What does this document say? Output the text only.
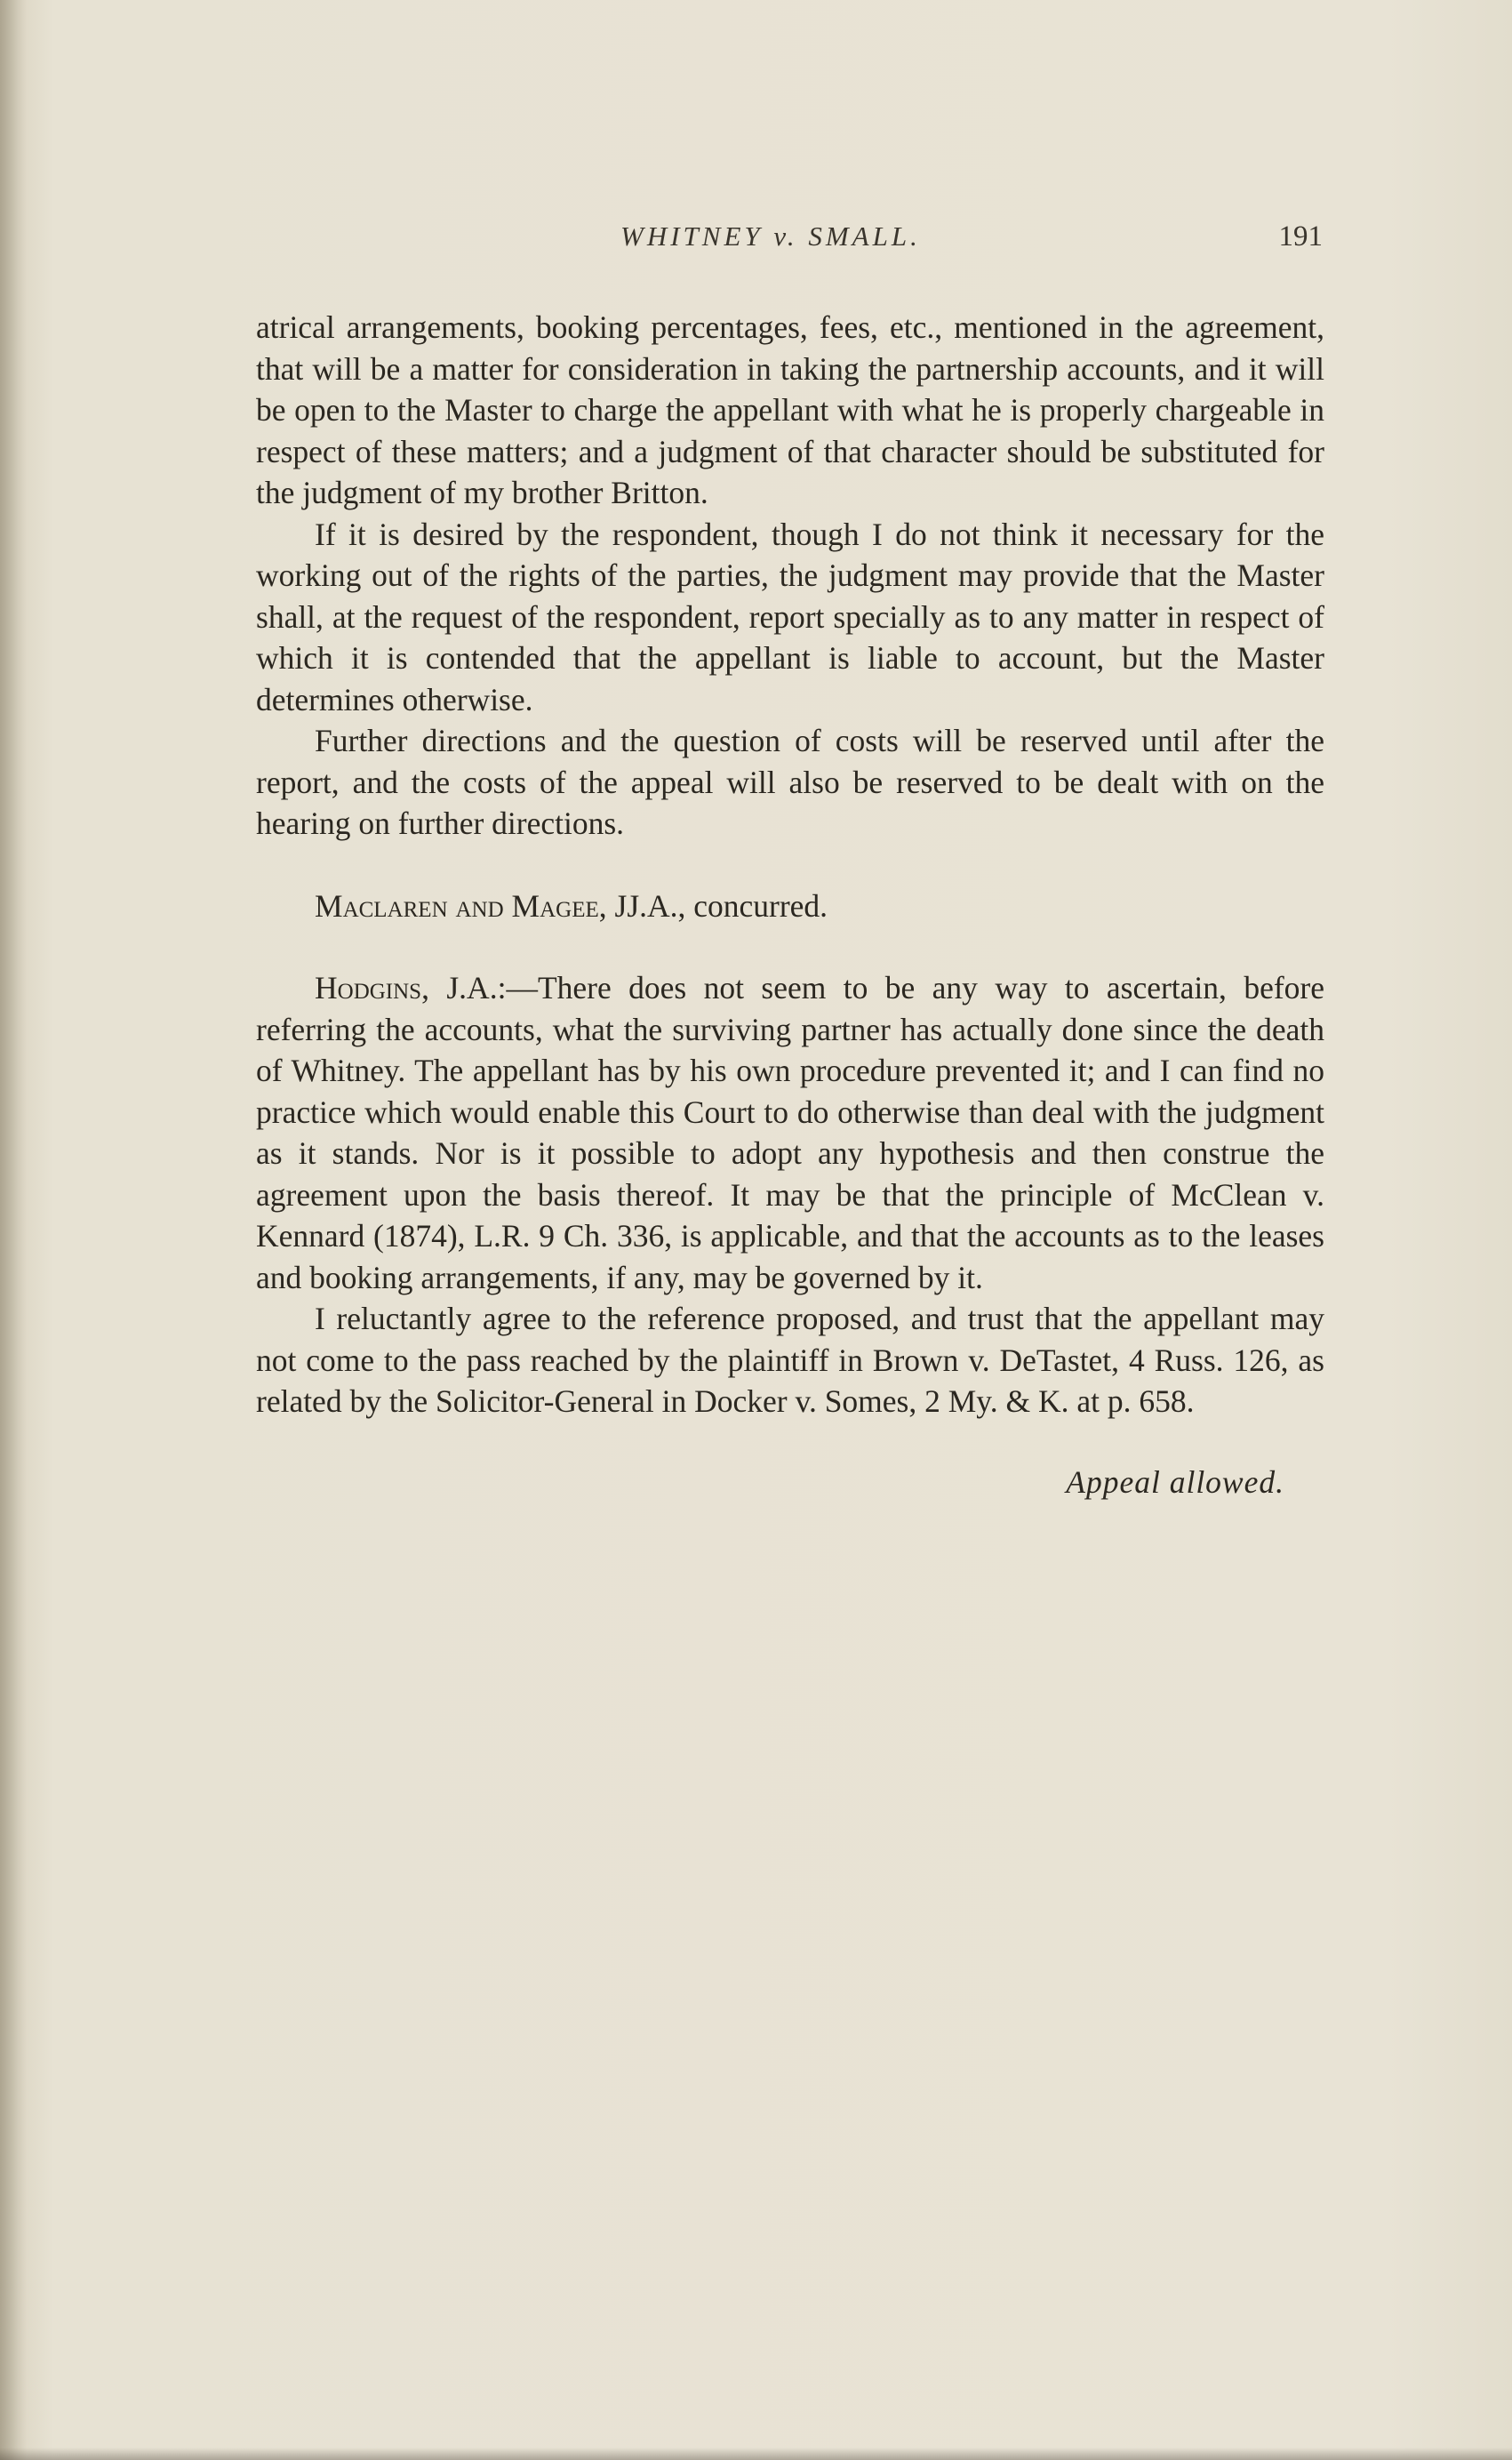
WHITNEY v. SMALL.	191

atrical arrangements, booking percentages, fees, etc., mentioned in the agreement, that will be a matter for consideration in taking the partnership accounts, and it will be open to the Master to charge the appellant with what he is properly chargeable in respect of these matters; and a judgment of that character should be substituted for the judgment of my brother Britton.

If it is desired by the respondent, though I do not think it necessary for the working out of the rights of the parties, the judgment may provide that the Master shall, at the request of the respondent, report specially as to any matter in respect of which it is contended that the appellant is liable to account, but the Master determines otherwise.

Further directions and the question of costs will be reserved until after the report, and the costs of the appeal will also be reserved to be dealt with on the hearing on further directions.

Maclaren and Magee, JJ.A., concurred.

Hodgins, J.A.:—There does not seem to be any way to ascertain, before referring the accounts, what the surviving partner has actually done since the death of Whitney. The appellant has by his own procedure prevented it; and I can find no practice which would enable this Court to do otherwise than deal with the judgment as it stands. Nor is it possible to adopt any hypothesis and then construe the agreement upon the basis thereof. It may be that the principle of McClean v. Kennard (1874), L.R. 9 Ch. 336, is applicable, and that the accounts as to the leases and booking arrangements, if any, may be governed by it.

I reluctantly agree to the reference proposed, and trust that the appellant may not come to the pass reached by the plaintiff in Brown v. DeTastet, 4 Russ. 126, as related by the Solicitor-General in Docker v. Somes, 2 My. & K. at p. 658.

Appeal allowed.
